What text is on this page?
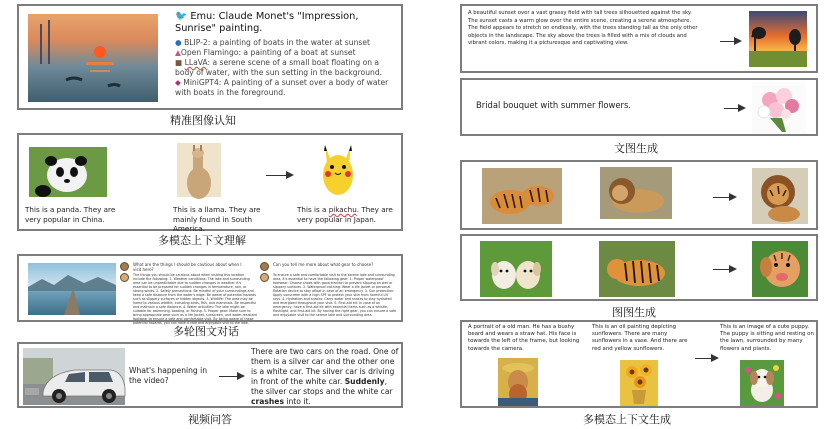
🐦 Emu: Claude Monet's "Impression, Sunrise" painting.
● BLIP-2: a painting of boats in the water at sunset
▲Open Flamingo: a painting of a boat at sunset
■ LLaVA: a serene scene of a small boat floating on a body of water, with the sun setting in the background.
◆ MiniGPT4: A painting of a sunset over a body of water with boats in the foreground.
精准图像认知
This is a panda. They are very popular in China.
This is a llama. They are mainly found in South America.
This is a pikachu. They are very popular in Japan.
多模态上下文理解
What are the things I should be cautious about when I visit here?
The things you should be cautious about when visiting this location include the following: 1. Weather conditions: The lake and surrounding area can be unpredictable due to sudden changes in weather. It's essential to be prepared for sudden changes in temperature, rain, or strong winds. 2. Safety precautions: Be mindful of your surroundings and keep a safe distance from the water's edge. Be aware of potential hazards such as slippery surfaces or hidden objects. 3. Wildlife: The area may be home to various wildlife, including birds, fish, and mammals. Be respectful and maintain a safe distance. 4. Water activities: The lake might be suitable for swimming, boating, or fishing. 5. Proper gear: Make sure to bring appropriate gear such as a life jacket, sunscreen, and water-resistant footwear to ensure a safe and comfortable visit. By being aware of these potential hazards, you can have a safe and enjoyable visit to the lake.
Can you tell me more about what gear to choose?
To ensure a safe and comfortable visit to the serene lake and surrounding area, it's essential to have the following gear: 1. Proper waterproof footwear: Choose shoes with good traction to prevent slipping on wet or slippery surfaces. 2. Waterproof clothing: Wear a life jacket or personal flotation device to stay afloat in case of an emergency. 3. Sun protection: Apply sunscreen with a high SPF to protect your skin from harmful UV rays. 4. Hydration and snacks: Carry water and snacks to stay hydrated and energized throughout your visit. 5. First-aid kit: In case of an emergency, have a first-aid kit with essential items such as a whistle, flashlight, and first-aid kit. By having the right gear, you can ensure a safe and enjoyable visit to the serene lake and surrounding area.
多轮图文对话
What's happening in the video?
There are two cars on the road. One of them is a silver car and the other one is a white car. The silver car is driving in front of the white car. Suddenly, the silver car stops and the white car crashes into it.
视频问答
A beautiful sunset over a vast grassy field with tall trees silhouetted against the sky. The sunset casts a warm glow over the entire scene, creating a serene atmosphere. The field appears to stretch on endlessly, with the trees standing tall as the only other objects in the landscape. The sky above the trees is filled with a mix of clouds and vibrant colors, making it a picturesque and captivating view.
Bridal bouquet with summer flowers.
文图生成
图图生成
A portrait of a old man. He has a bushy beard and wears a straw hat. His face is towards the left of the frame, but looking towards the camera.
This is an oil painting depicting sunflowers. There are many sunflowers in a vase. And there are red and yellow sunflowers.
This is an image of a cute puppy. The puppy is sitting and resting on the lawn, surrounded by many flowers and plants.
多模态上下文生成
